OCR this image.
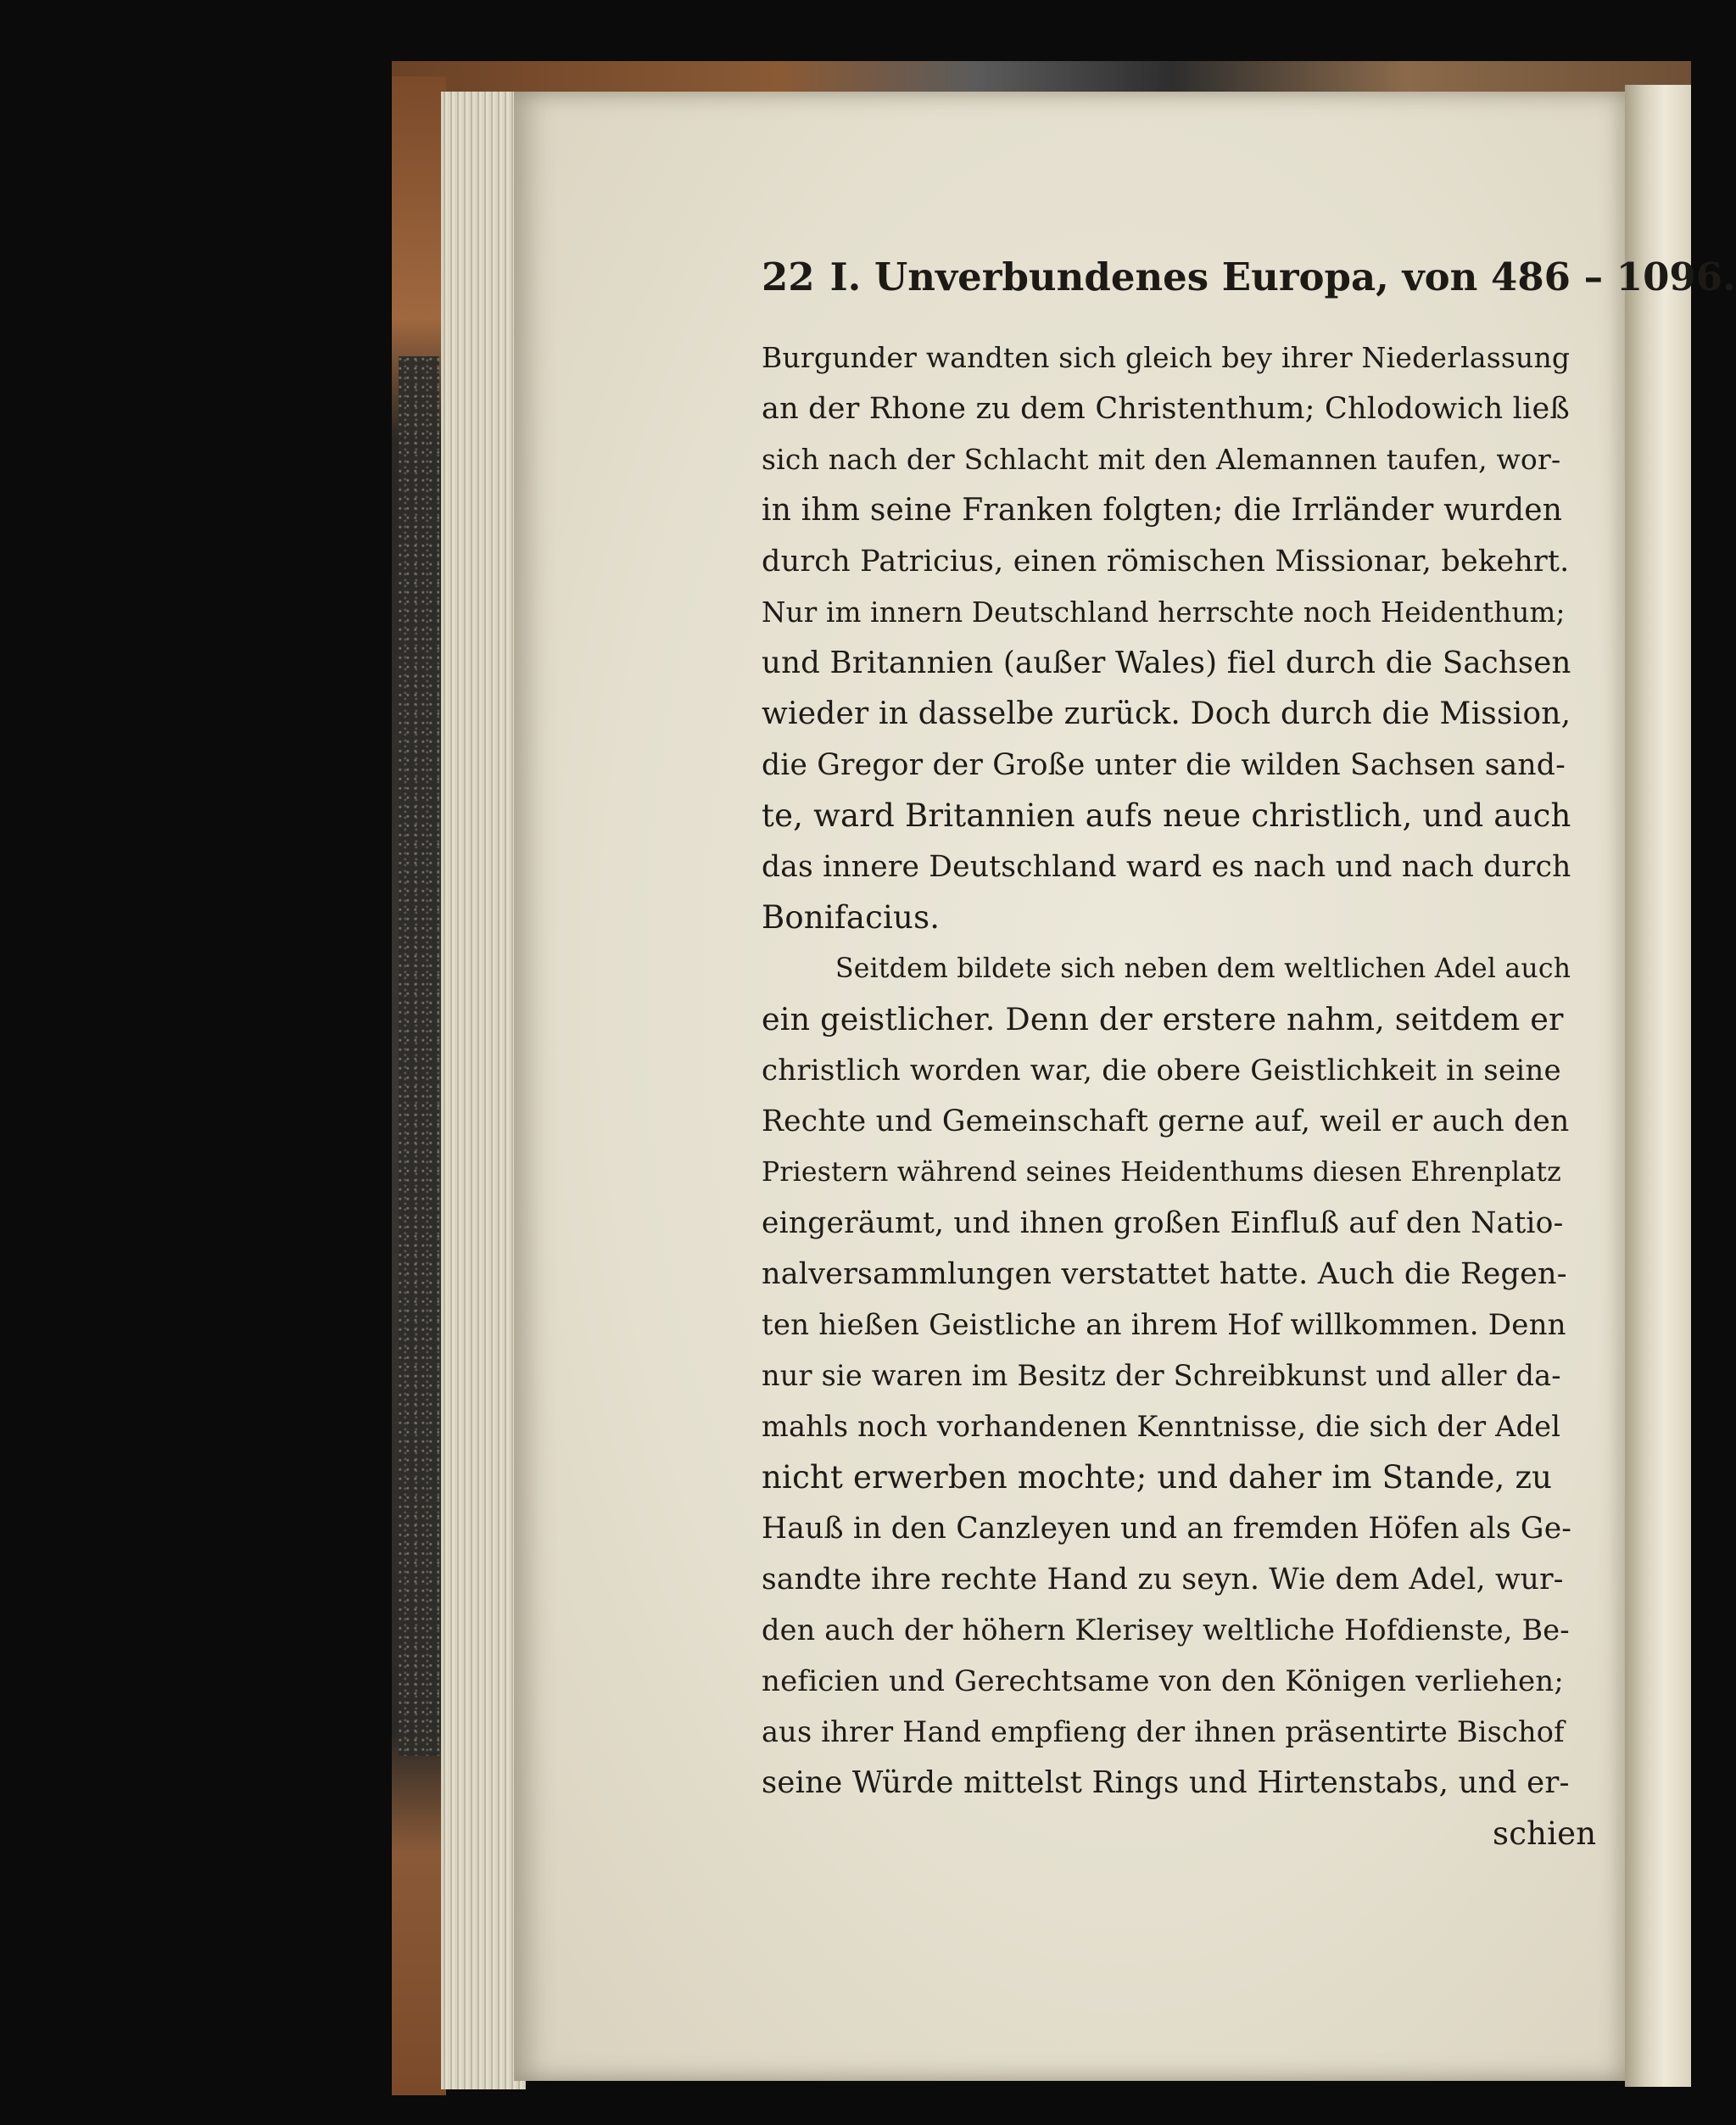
22 I. Unverbundenes Europa, von 486 – 1096.
Burgunder wandten sich gleich bey ihrer Niederlassung
an der Rhone zu dem Christenthum; Chlodowich ließ
sich nach der Schlacht mit den Alemannen taufen, wor-
in ihm seine Franken folgten; die Irrländer wurden
durch Patricius, einen römischen Missionar, bekehrt.
Nur im innern Deutschland herrschte noch Heidenthum;
und Britannien (außer Wales) fiel durch die Sachsen
wieder in dasselbe zurück. Doch durch die Mission,
die Gregor der Große unter die wilden Sachsen sand-
te, ward Britannien aufs neue christlich, und auch
das innere Deutschland ward es nach und nach durch
Bonifacius.
Seitdem bildete sich neben dem weltlichen Adel auch
ein geistlicher. Denn der erstere nahm, seitdem er
christlich worden war, die obere Geistlichkeit in seine
Rechte und Gemeinschaft gerne auf, weil er auch den
Priestern während seines Heidenthums diesen Ehrenplatz
eingeräumt, und ihnen großen Einfluß auf den Natio-
nalversammlungen verstattet hatte. Auch die Regen-
ten hießen Geistliche an ihrem Hof willkommen. Denn
nur sie waren im Besitz der Schreibkunst und aller da-
mahls noch vorhandenen Kenntnisse, die sich der Adel
nicht erwerben mochte; und daher im Stande, zu
Hauß in den Canzleyen und an fremden Höfen als Ge-
sandte ihre rechte Hand zu seyn. Wie dem Adel, wur-
den auch der höhern Klerisey weltliche Hofdienste, Be-
neficien und Gerechtsame von den Königen verliehen;
aus ihrer Hand empfieng der ihnen präsentirte Bischof
seine Würde mittelst Rings und Hirtenstabs, und er-
schien
